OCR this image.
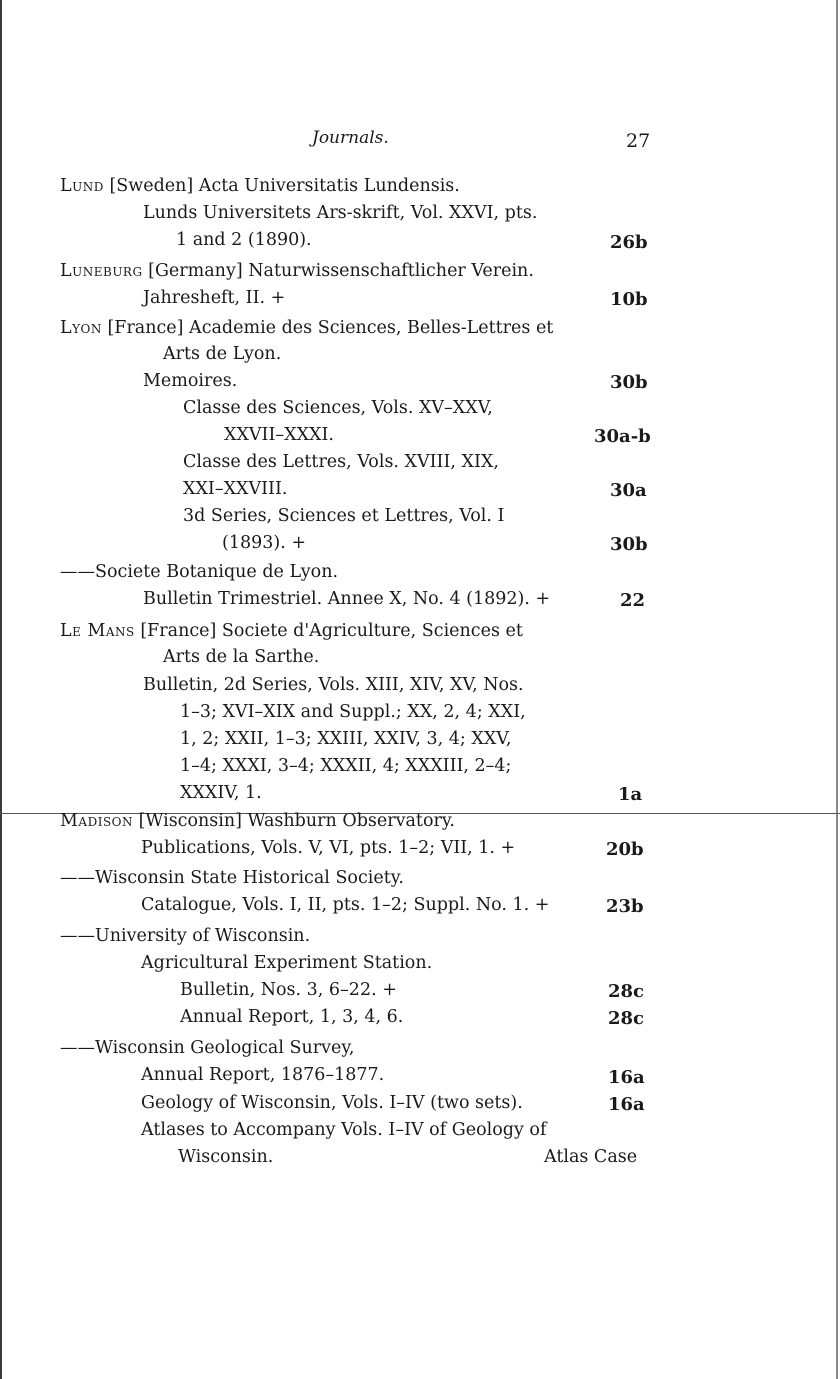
Journals.	27
Lund [Sweden] Acta Universitatis Lundensis.
Lunds Universitets Ars-skrift, Vol. XXVI, pts.
1 and 2 (1890).	26b
Luneburg [Germany] Naturwissenschaftlicher Verein.
Jahresheft, II. +	10b
Lyon [France] Academie des Sciences, Belles-Lettres et
Arts de Lyon.
Memoires.	30b
Classe des Sciences, Vols. XV–XXV,
XXVII–XXXI.	30a-b
Classe des Lettres, Vols. XVIII, XIX,
XXI–XXVIII.	30a
3d Series, Sciences et Lettres, Vol. I
(1893). +	30b
——Societe Botanique de Lyon.
Bulletin Trimestriel. Annee X, No. 4 (1892). +	22
Le Mans [France] Societe d'Agriculture, Sciences et
Arts de la Sarthe.
Bulletin, 2d Series, Vols. XIII, XIV, XV, Nos.
1–3; XVI–XIX and Suppl.; XX, 2, 4; XXI,
1, 2; XXII, 1–3; XXIII, XXIV, 3, 4; XXV,
1–4; XXXI, 3–4; XXXII, 4; XXXIII, 2–4;
XXXIV, 1.	1a
Madison [Wisconsin] Washburn Observatory.
Publications, Vols. V, VI, pts. 1–2; VII, 1. +	20b
——Wisconsin State Historical Society.
Catalogue, Vols. I, II, pts. 1–2; Suppl. No. 1. +	23b
——University of Wisconsin.
Agricultural Experiment Station.
Bulletin, Nos. 3, 6–22. +	28c
Annual Report, 1, 3, 4, 6.	28c
——Wisconsin Geological Survey,
Annual Report, 1876–1877.	16a
Geology of Wisconsin, Vols. I–IV (two sets).	16a
Atlases to Accompany Vols. I–IV of Geology of
Wisconsin.	Atlas Case
